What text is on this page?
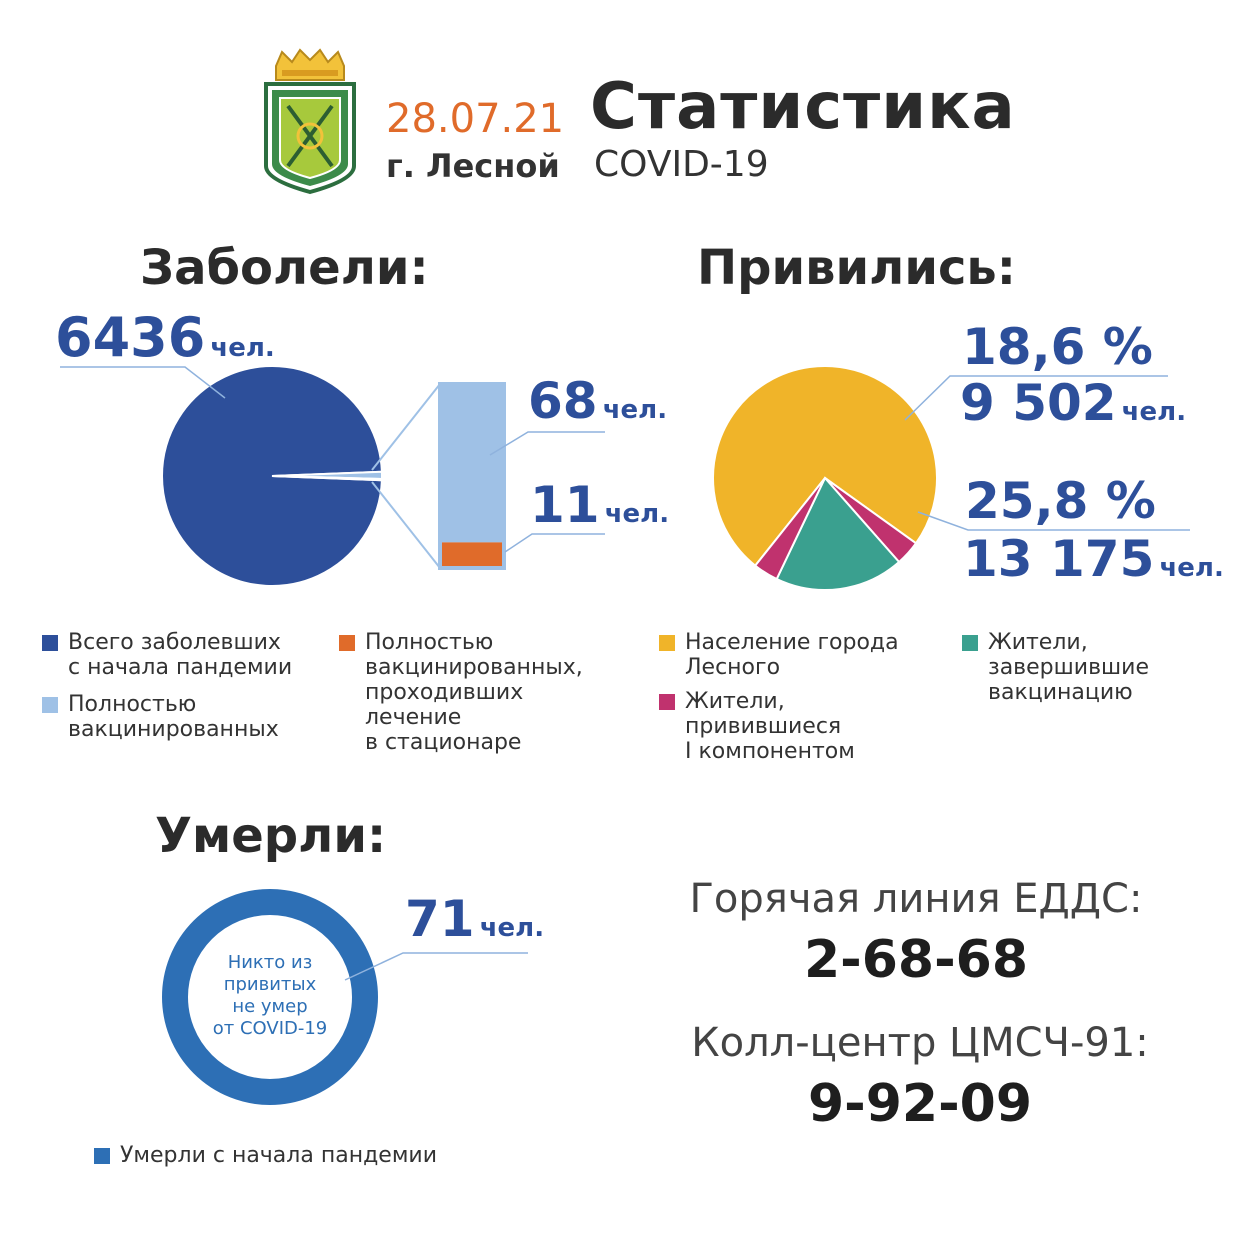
28.07.21
г. Лесной
Статистика
COVID-19
Заболели:	Привились:
Умерли:
6436 чел.
68 чел.
11 чел.
18,6 %
9 502 чел.
25,8 %
13 175 чел.
71 чел.
Никто из
привитых
не умер
от COVID-19
Всего заболевших
с начала пандемии
Полностью
вакцинированных
Полностью
вакцинированных,
проходивших
лечение
в стационаре
Население города
Лесного
Жители,
привившиеся
I компонентом
Жители,
завершившие
вакцинацию
Умерли с начала пандемии
Горячая линия ЕДДС:
2-68-68
Колл-центр ЦМСЧ-91:
9-92-09
